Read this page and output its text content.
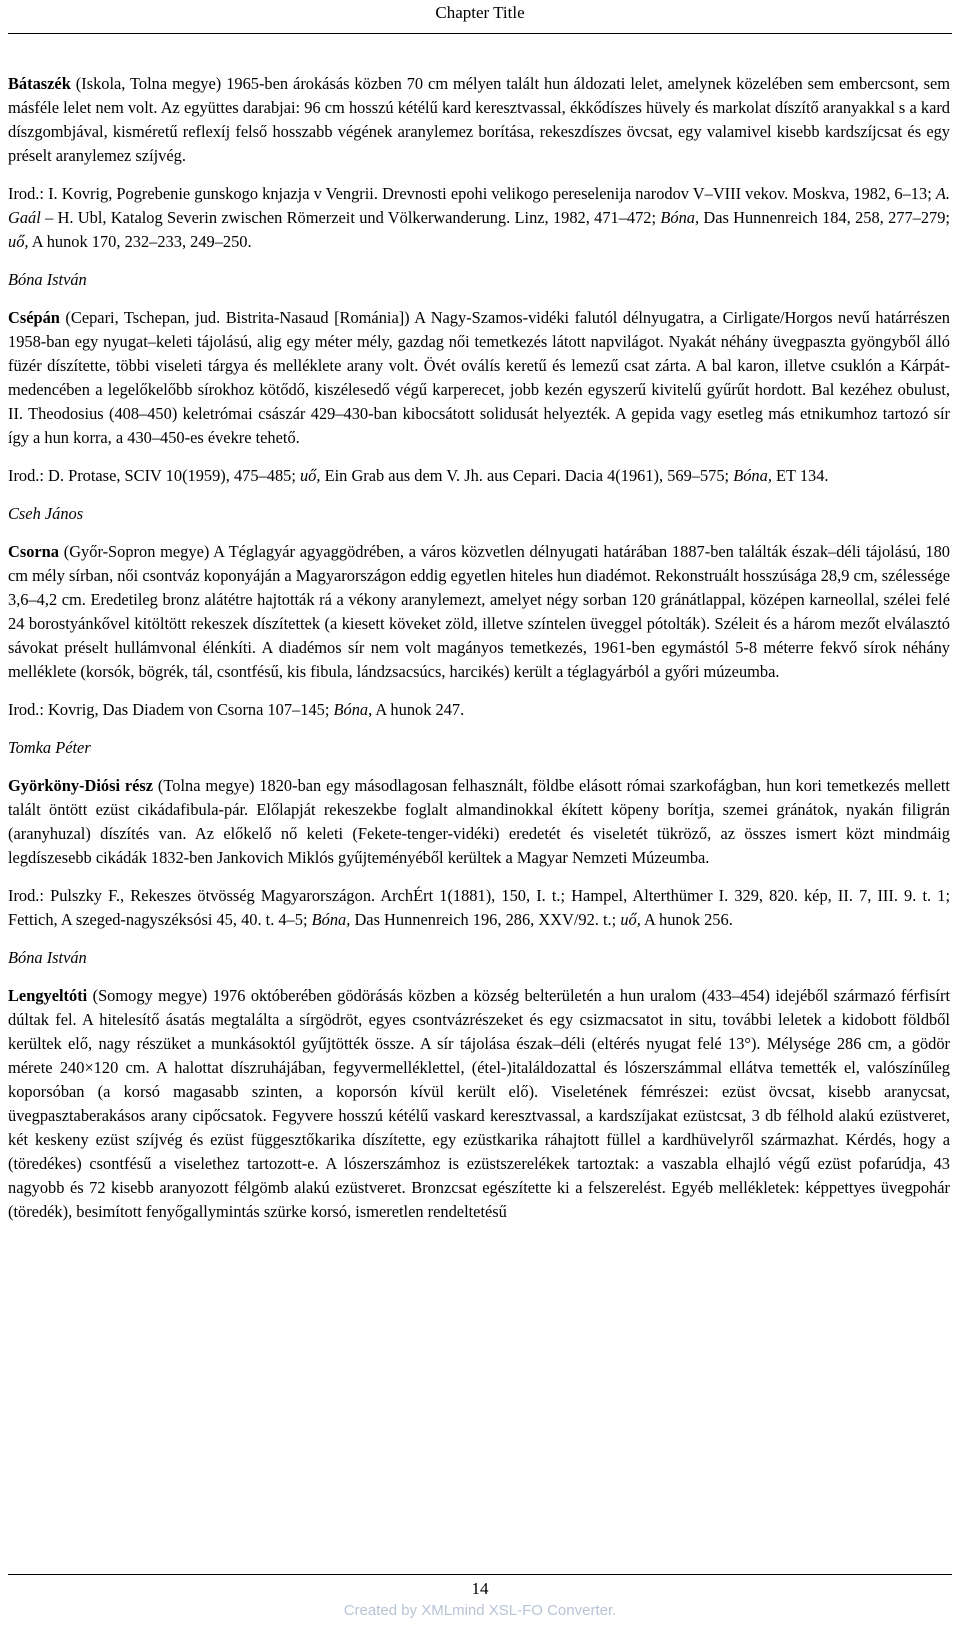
Chapter Title

Bátaszék (Iskola, Tolna megye) 1965-ben árokásás közben 70 cm mélyen talált hun áldozati lelet, amelynek közelében sem embercsont, sem másféle lelet nem volt. Az együttes darabjai: 96 cm hosszú kétélű kard keresztvassal, ékkődíszes hüvely és markolat díszítő aranyakkal s a kard díszgombjával, kisméretű reflexíj felső hosszabb végének aranylemez borítása, rekeszdíszes övcsat, egy valamivel kisebb kardszíjcsat és egy préselt aranylemez szíjvég.

Irod.: I. Kovrig, Pogrebenie gunskogo knjazja v Vengrii. Drevnosti epohi velikogo pereselenija narodov V–VIII vekov. Moskva, 1982, 6–13; A. Gaál – H. Ubl, Katalog Severin zwischen Römerzeit und Völkerwanderung. Linz, 1982, 471–472; Bóna, Das Hunnenreich 184, 258, 277–279; uő, A hunok 170, 232–233, 249–250.

Bóna István

Csépán (Cepari, Tschepan, jud. Bistrita-Nasaud [Románia]) A Nagy-Szamos-vidéki falutól délnyugatra, a Cirligate/Horgos nevű határrészen 1958-ban egy nyugat–keleti tájolású, alig egy méter mély, gazdag női temetkezés látott napvilágot. Nyakát néhány üvegpaszta gyöngyből álló füzér díszítette, többi viseleti tárgya és melléklete arany volt. Övét oválís keretű és lemezű csat zárta. A bal karon, illetve csuklón a Kárpát-medencében a legelőkelőbb sírokhoz kötődő, kiszélesedő végű karperecet, jobb kezén egyszerű kivitelű gyűrűt hordott. Bal kezéhez obulust, II. Theodosius (408–450) keletrómai császár 429–430-ban kibocsátott solidusát helyezték. A gepida vagy esetleg más etnikumhoz tartozó sír így a hun korra, a 430–450-es évekre tehető.

Irod.: D. Protase, SCIV 10(1959), 475–485; uő, Ein Grab aus dem V. Jh. aus Cepari. Dacia 4(1961), 569–575; Bóna, ET 134.

Cseh János

Csorna (Győr-Sopron megye) A Téglagyár agyaggödrében, a város közvetlen délnyugati határában 1887-ben találták észak–déli tájolású, 180 cm mély sírban, női csontváz koponyáján a Magyarországon eddig egyetlen hiteles hun diadémot. Rekonstruált hosszúsága 28,9 cm, szélessége 3,6–4,2 cm. Eredetileg bronz alátétre hajtották rá a vékony aranylemezt, amelyet négy sorban 120 gránátlappal, középen karneollal, szélei felé 24 borostyánkővel kitöltött rekeszek díszítettek (a kiesett köveket zöld, illetve színtelen üveggel pótolták). Széleit és a három mezőt elválasztó sávokat préselt hullámvonal élénkíti. A diadémos sír nem volt magányos temetkezés, 1961-ben egymástól 5-8 méterre fekvő sírok néhány melléklete (korsók, bögrék, tál, csontfésű, kis fibula, lándzsacsúcs, harcikés) került a téglagyárból a győri múzeumba.

Irod.: Kovrig, Das Diadem von Csorna 107–145; Bóna, A hunok 247.

Tomka Péter

Györköny-Diósi rész (Tolna megye) 1820-ban egy másodlagosan felhasznált, földbe elásott római szarkofágban, hun kori temetkezés mellett talált öntött ezüst cikádafibula-pár. Előlapját rekeszekbe foglalt almandinokkal ékített köpeny borítja, szemei gránátok, nyakán filigrán (aranyhuzal) díszítés van. Az előkelő nő keleti (Fekete-tenger-vidéki) eredetét és viseletét tükröző, az összes ismert közt mindmáig legdíszesebb cikádák 1832-ben Jankovich Miklós gyűjteményéből kerültek a Magyar Nemzeti Múzeumba.

Irod.: Pulszky F., Rekeszes ötvösség Magyarországon. ArchÉrt 1(1881), 150, I. t.; Hampel, Alterthümer I. 329, 820. kép, II. 7, III. 9. t. 1; Fettich, A szeged-nagyszéksósi 45, 40. t. 4–5; Bóna, Das Hunnenreich 196, 286, XXV/92. t.; uő, A hunok 256.

Bóna István

Lengyeltóti (Somogy megye) 1976 októberében gödörásás közben a község belterületén a hun uralom (433–454) idejéből származó férfisírt dúltak fel. A hitelesítő ásatás megtalálta a sírgödröt, egyes csontvázrészeket és egy csizmacsatot in situ, további leletek a kidobott földből kerültek elő, nagy részüket a munkásoktól gyűjtötték össze. A sír tájolása észak–déli (eltérés nyugat felé 13°). Mélysége 286 cm, a gödör mérete 240×120 cm. A halottat díszruhájában, fegyvermelléklettel, (étel-)italáldozattal és lószerszámmal ellátva temették el, valószínűleg koporsóban (a korsó magasabb szinten, a koporsón kívül került elő). Viseletének fémrészei: ezüst övcsat, kisebb aranycsat, üvegpasztaberakásos arany cipőcsatok. Fegyvere hosszú kétélű vaskard keresztvassal, a kardszíjakat ezüstcsat, 3 db félhold alakú ezüstveret, két keskeny ezüst szíjvég és ezüst függesztőkarika díszítette, egy ezüstkarika ráhajtott füllel a kardhüvelyről származhat. Kérdés, hogy a (töredékes) csontfésű a viselethez tartozott-e. A lószerszámhoz is ezüstszerelékek tartoztak: a vaszabla elhajló végű ezüst pofarúdja, 43 nagyobb és 72 kisebb aranyozott félgömb alakú ezüstveret. Bronzcsat egészítette ki a felszerelést. Egyéb mellékletek: képpettyes üvegpohár (töredék), besimított fenyőgallymintás szürke korsó, ismeretlen rendeltetésű

14
Created by XMLmind XSL-FO Converter.
